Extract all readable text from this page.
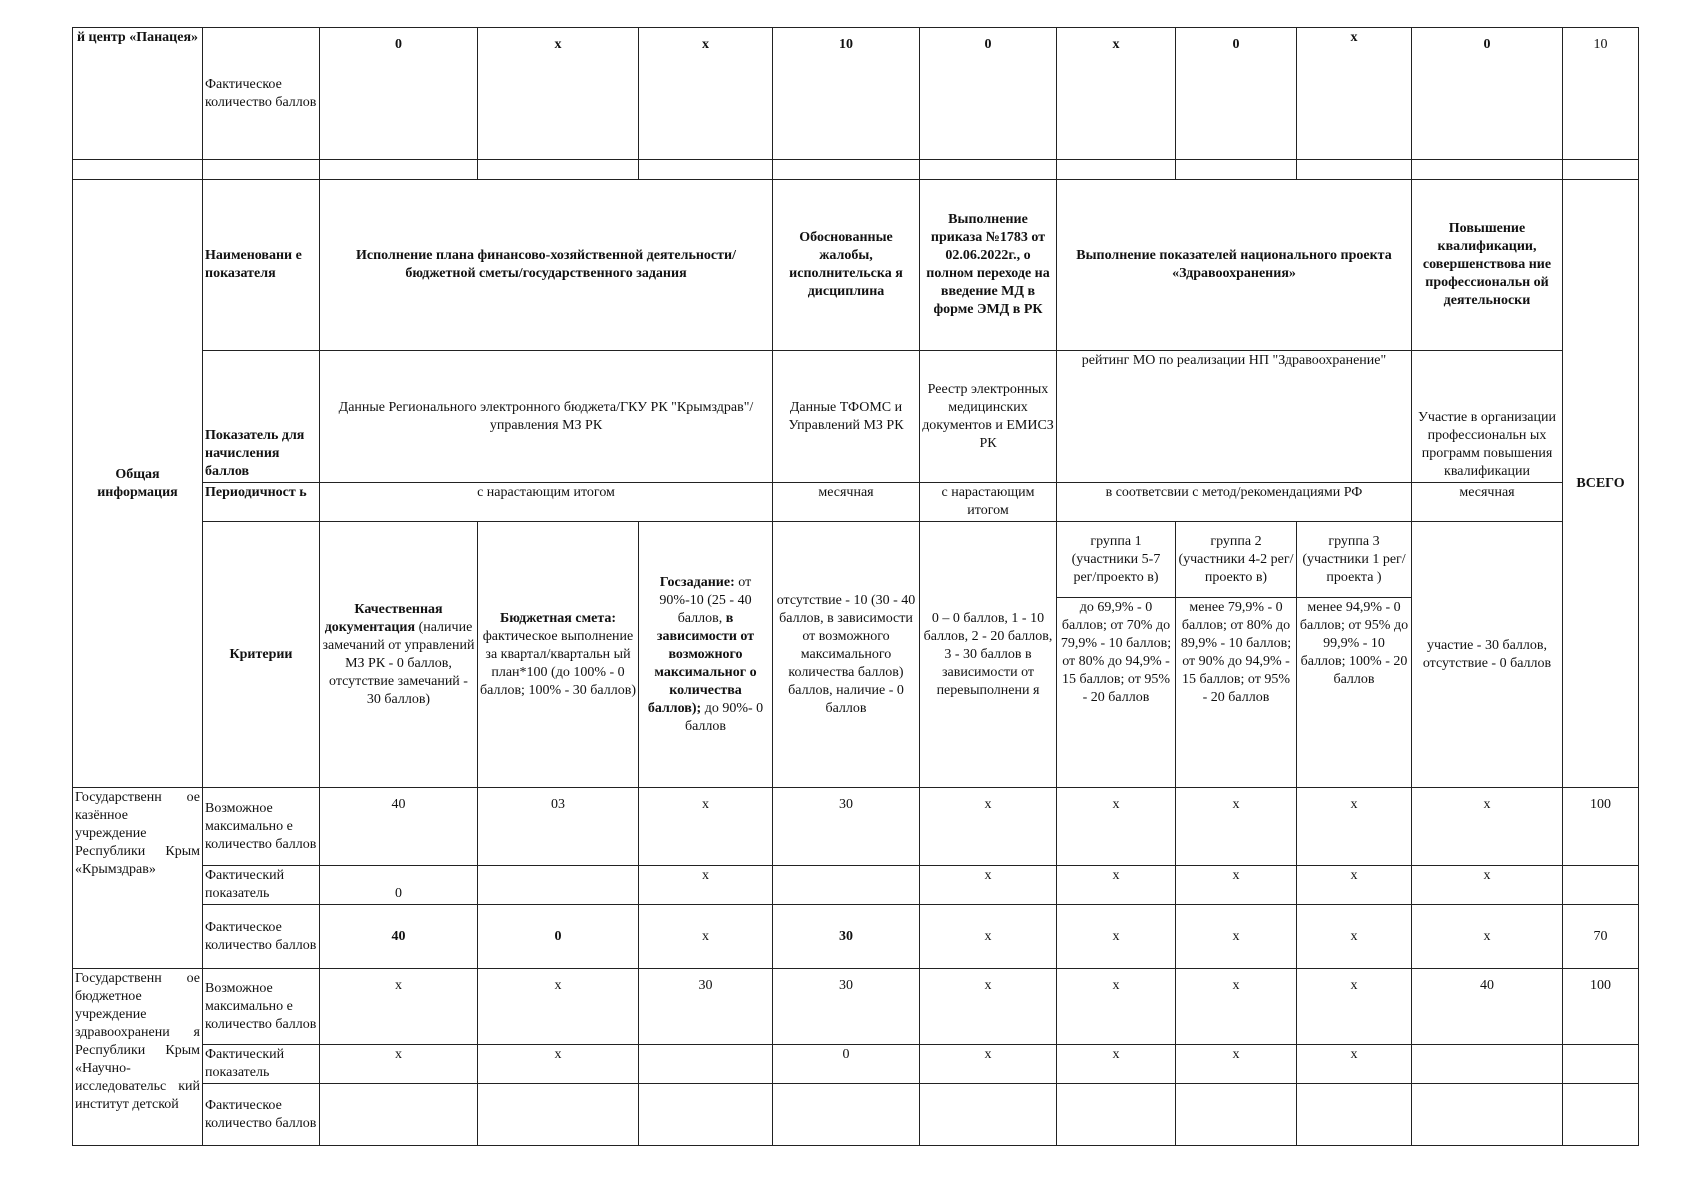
й центр «Панацея»	Фактическое количество баллов	0	х	х	10	0	х	0	х	0	10

Общая информация	Наименовани е показателя	Исполнение плана финансово-хозяйственной деятельности/бюджетной сметы/государственного задания			Обоснованные жалобы, исполнительска я дисциплина	Выполнение приказа №1783 от 02.06.2022г., о полном переходе на введение МД в форме ЭМД в РК	Выполнение показателей национального проекта «Здравоохранения»			Повышение квалификации, совершенствова ние профессиональн ой деятельноски	ВСЕГО
	Показатель для начисления баллов	Данные Регионального электронного бюджета/ГКУ РК "Крымздрав"/управления МЗ РК			Данные ТФОМС и Управлений МЗ РК	Реестр электронных медицинских документов и ЕМИСЗ РК	рейтинг МО по реализации НП "Здравоохранение"			Участие в организации профессиональн ых программ повышения квалификации	
	Периодичност ь	с нарастающим итогом			месячная	с нарастающим итогом	в соответсвии с метод/рекомендациями РФ			месячная	
	Критерии	Качественная документация (наличие замечаний от управлений МЗ РК - 0 баллов, отсутствие замечаний - 30 баллов)	Бюджетная смета: фактическое выполнение за квартал/квартальн ый план*100 (до 100% - 0 баллов; 100% - 30 баллов)	Госзадание: от 90%-10 (25 - 40 баллов, в зависимости от возможного максимальног о количества баллов); до 90%- 0 баллов	отсутствие - 10 (30 - 40 баллов, в зависимости от возможного максимального количества баллов) баллов, наличие - 0 баллов	0 – 0 баллов, 1 - 10 баллов, 2 - 20 баллов, 3 - 30 баллов в зависимости от перевыполнени я	группа 1 (участники 5-7 рег/проекто в)	группа 2 (участники 4-2 рег/проекто в)	группа 3 (участники 1 рег/проекта )	участие - 30 баллов, отсутствие - 0 баллов	
							до 69,9% - 0 баллов; от 70% до 79,9% - 10 баллов; от 80% до 94,9% - 15 баллов; от 95% - 20 баллов	менее 79,9% - 0 баллов; от 80% до 89,9% - 10 баллов; от 90% до 94,9% - 15 баллов; от 95% - 20 баллов	менее 94,9% - 0 баллов; от 95% до 99,9% - 10 баллов; 100% - 20 баллов		
Государственн ое казённое учреждение Республики Крым «Крымздрав»	Возможное максимально е количество баллов	40	03	х	30	х	х	х	х	х	100
	Фактический показатель	0		х		х	х	х	х	х	
	Фактическое количество баллов	40	0	х	30	х	х	х	х	х	70
Государственн ое бюджетное учреждение здравоохранени я Республики Крым «Научно-исследовательс кий институт детской	Возможное максимально е количество баллов	х	х	30	30	х	х	х	х	40	100
	Фактический показатель	х	х		0	х	х	х	х		
	Фактическое количество баллов										
